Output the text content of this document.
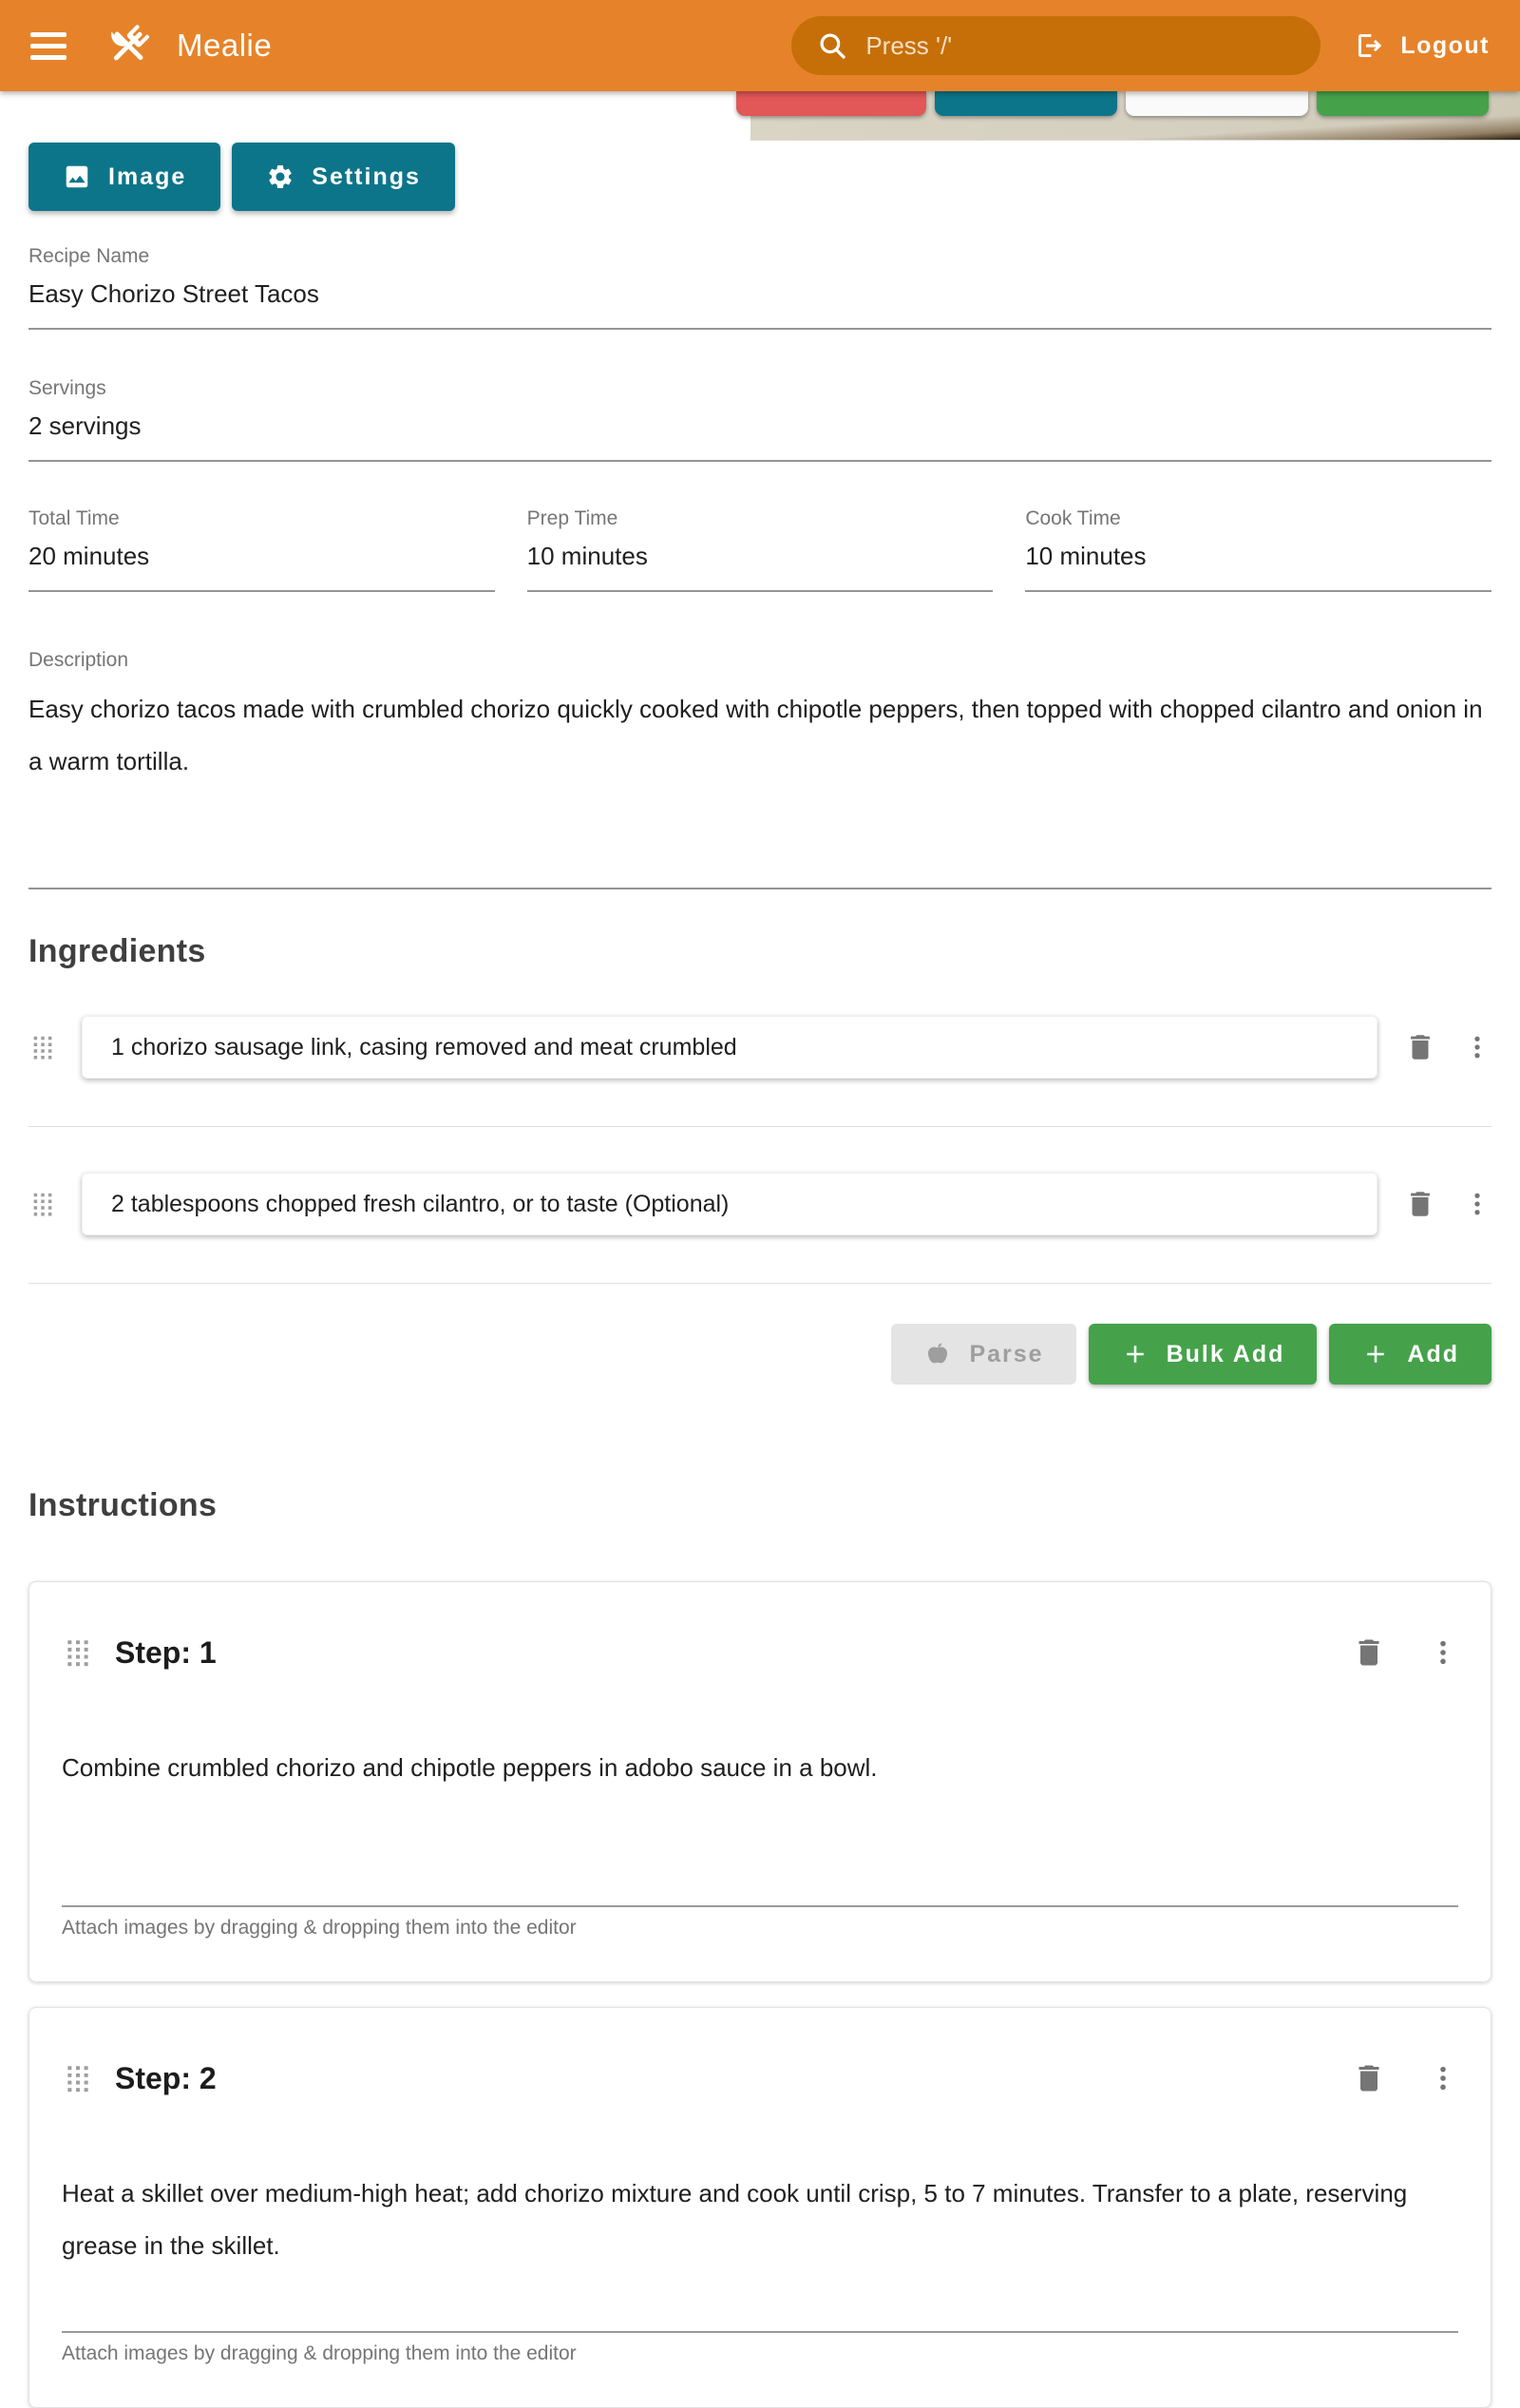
Mealie	Press '/'	Logout
Image	Settings
Recipe Name
Easy Chorizo Street Tacos
Servings
2 servings
Total Time
20 minutes
Prep Time
10 minutes
Cook Time
10 minutes
Description
Easy chorizo tacos made with crumbled chorizo quickly cooked with chipotle peppers, then topped with chopped cilantro and onion in a warm tortilla.
Ingredients
1 chorizo sausage link, casing removed and meat crumbled
2 tablespoons chopped fresh cilantro, or to taste (Optional)
Parse	Bulk Add	Add
Instructions
Step: 1
Combine crumbled chorizo and chipotle peppers in adobo sauce in a bowl.
Attach images by dragging & dropping them into the editor
Step: 2
Heat a skillet over medium-high heat; add chorizo mixture and cook until crisp, 5 to 7 minutes. Transfer to a plate, reserving grease in the skillet.
Attach images by dragging & dropping them into the editor
